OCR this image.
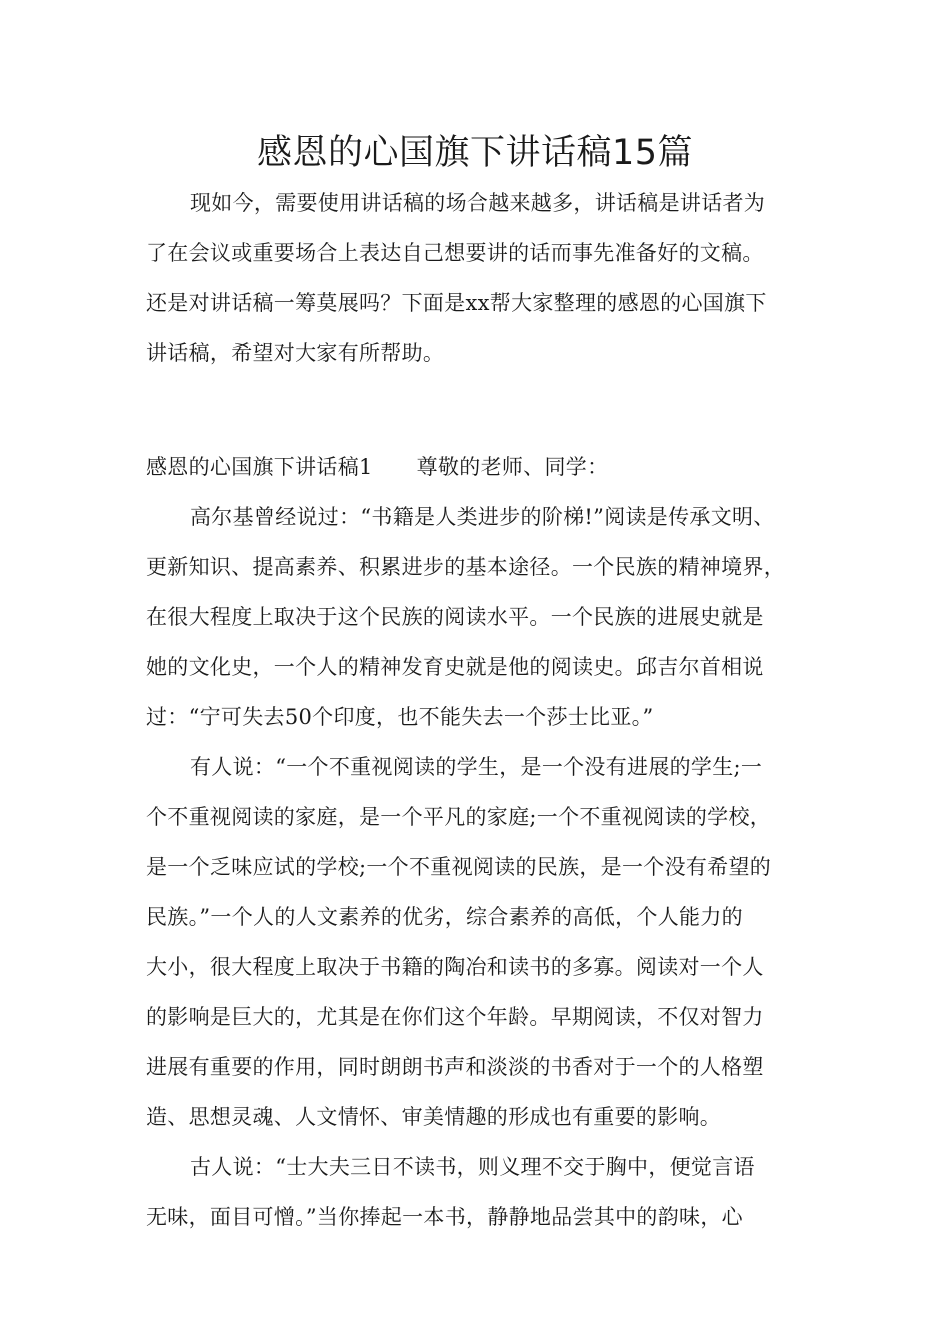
感恩的心国旗下讲话稿15篇
现如今，需要使用讲话稿的场合越来越多，讲话稿是讲话者为
了在会议或重要场合上表达自己想要讲的话而事先准备好的文稿。
还是对讲话稿一筹莫展吗？下面是xx帮大家整理的感恩的心国旗下
讲话稿，希望对大家有所帮助。
感恩的心国旗下讲话稿1 尊敬的老师、同学：
高尔基曾经说过：“书籍是人类进步的阶梯!”阅读是传承文明、
更新知识、提高素养、积累进步的基本途径。一个民族的精神境界，
在很大程度上取决于这个民族的阅读水平。一个民族的进展史就是
她的文化史，一个人的精神发育史就是他的阅读史。邱吉尔首相说
过：“宁可失去50个印度，也不能失去一个莎士比亚。”
有人说：“一个不重视阅读的学生，是一个没有进展的学生;一
个不重视阅读的家庭，是一个平凡的家庭;一个不重视阅读的学校，
是一个乏味应试的学校;一个不重视阅读的民族，是一个没有希望的
民族。”一个人的人文素养的优劣，综合素养的高低，个人能力的
大小，很大程度上取决于书籍的陶冶和读书的多寡。阅读对一个人
的影响是巨大的，尤其是在你们这个年龄。早期阅读，不仅对智力
进展有重要的作用，同时朗朗书声和淡淡的书香对于一个的人格塑
造、思想灵魂、人文情怀、审美情趣的形成也有重要的影响。
古人说：“士大夫三日不读书，则义理不交于胸中，便觉言语
无味，面目可憎。”当你捧起一本书，静静地品尝其中的韵味，心
